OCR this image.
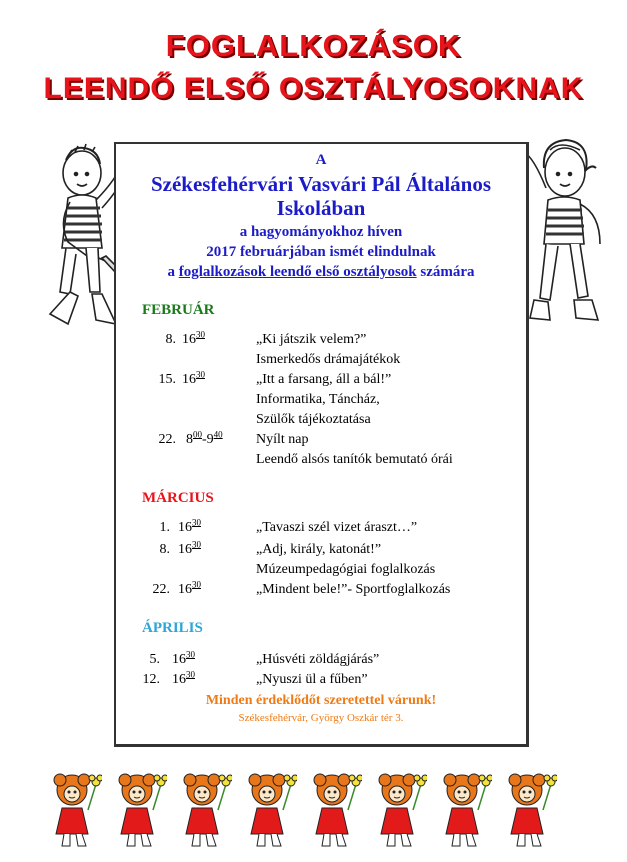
FOGLALKOZÁSOK
LEENDŐ ELSŐ OSZTÁLYOSOKNAK
A
Székesfehérvári Vasvári Pál Általános
Iskolában
a hagyományokhoz híven
2017 februárjában ismét elindulnak
a foglalkozások leendő első osztályosok számára
FEBRUÁR
8. $16^{30}$	„Ki játszik velem?”
Ismerkedős drámajátékok
15. $16^{30}$	„Itt a farsang, áll a bál!”
Informatika, Táncház,
Szülők tájékoztatása
22. $8^{00}-9^{40}$ Nyílt nap
Leendő alsós tanítók bemutató órái
MÁRCIUS
1. $16^{30}$	„Tavaszi szél vizet áraszt…”
8. $16^{30}$	„Adj, király, katonát!”
Múzeumpedagógiai foglalkozás
22. $16^{30}$	„Mindent bele!”- Sportfoglalkozás
ÁPRILIS
5. $16^{30}$	„Húsvéti zöldágjárás”
12. $16^{30}$	„Nyuszi ül a fűben”
Minden érdeklődőt szeretettel várunk!
Székesfehérvár, György Oszkár tér 3.
